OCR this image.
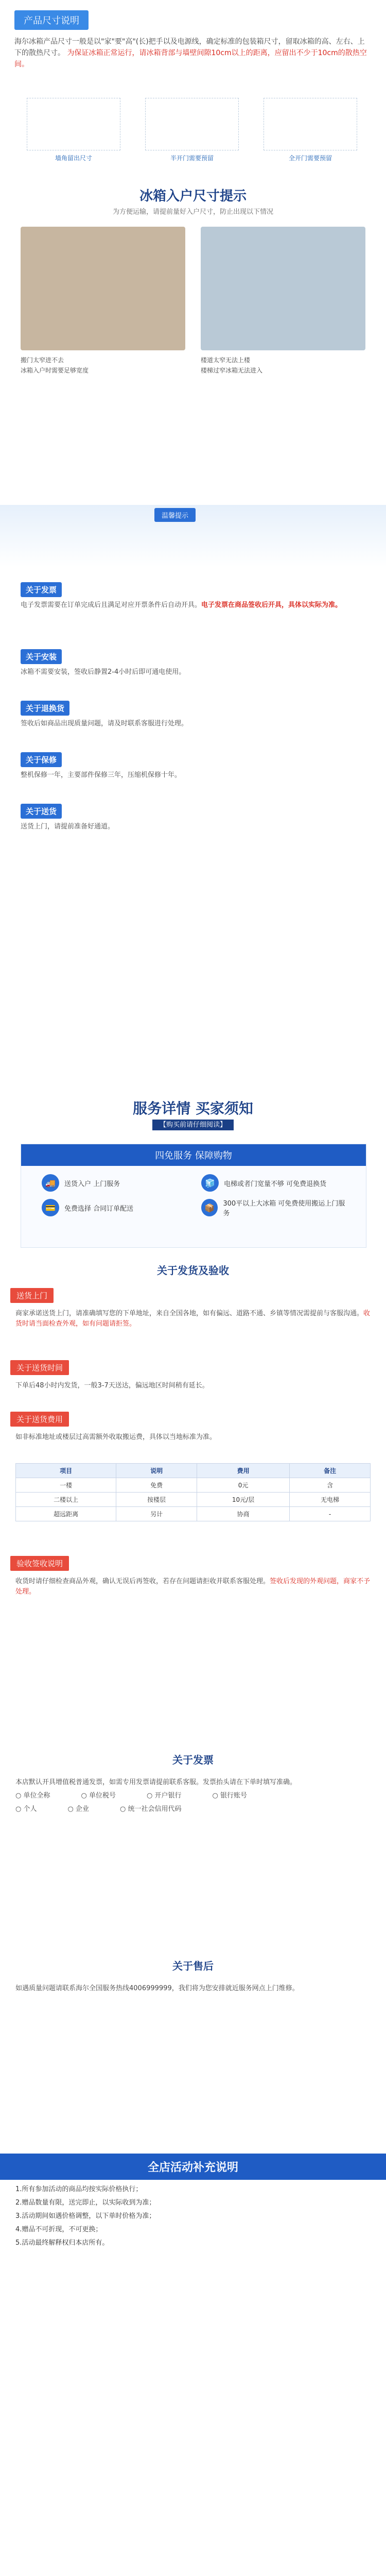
产品尺寸说明
海尔冰箱产品尺寸一般是以"家"要"高"(长)把手以及电源线，确定标准的包装箱尺寸，留取冰箱的高、左右、上下的散热尺寸。 为保证冰箱正常运行，请冰箱背部与墙壁间隙10cm以上的距离，应留出不少于10cm的散热空间。
墙角留出尺寸	半开门需要预留	全开门需要预留
冰箱入户尺寸提示
为方便运输，请提前量好入户尺寸，防止出现以下情况
搬门太窄进不去
冰箱入户时需要足够宽度
楼道太窄无法上楼
楼梯过窄冰箱无法进入
温馨提示
关于发票
电子发票需要在订单完成后且满足对应开票条件后自动开具。电子发票在商品签收后开具，具体以实际为准。
关于安装
冰箱不需要安装，签收后静置2-4小时后即可通电使用。
关于退换货
签收后如商品出现质量问题，请及时联系客服进行处理。
关于保修
整机保修一年，主要部件保修三年，压缩机保修十年。
关于送货
送货上门，请提前准备好通道。
服务详情 买家须知
【购买前请仔细阅读】
四免服务 保障购物
🚚	送货入户 上门服务	🧊	电梯或者门宽量不够 可免费退换货
💳	免费选择 合同订单配送	📦	300平以上大冰箱 可免费使用搬运上门服务
关于发货及验收
送货上门
商家承诺送货上门，请准确填写您的下单地址，来自全国各地，如有偏远、道路不通、乡镇等情况需提前与客服沟通。收货时请当面检查外观，如有问题请拒签。
关于送货时间
下单后48小时内发货，一般3-7天送达，偏远地区时间稍有延长。
关于送货费用
如非标准地址或楼层过高需额外收取搬运费，具体以当地标准为准。
项目	说明	费用	备注
一楼	免费	0元	含
二楼以上	按楼层	10元/层	无电梯
超远距离	另计	协商	-
验收签收说明
收货时请仔细检查商品外观，确认无误后再签收，若存在问题请拒收并联系客服处理。签收后发现的外观问题，商家不予处理。
关于发票
本店默认开具增值税普通发票，如需专用发票请提前联系客服。发票抬头请在下单时填写准确。
○ 单位全称	○ 单位税号	○ 开户银行	○ 银行账号
○ 个人	○ 企业	○ 统一社会信用代码
关于售后
如遇质量问题请联系海尔全国服务热线4006999999，我们将为您安排就近服务网点上门维修。
全店活动补充说明

1.所有参加活动的商品均按实际价格执行；

2.赠品数量有限，送完即止，以实际收到为准；

3.活动期间如遇价格调整，以下单时价格为准；

4.赠品不可折现，不可更换；

5.活动最终解释权归本店所有。
